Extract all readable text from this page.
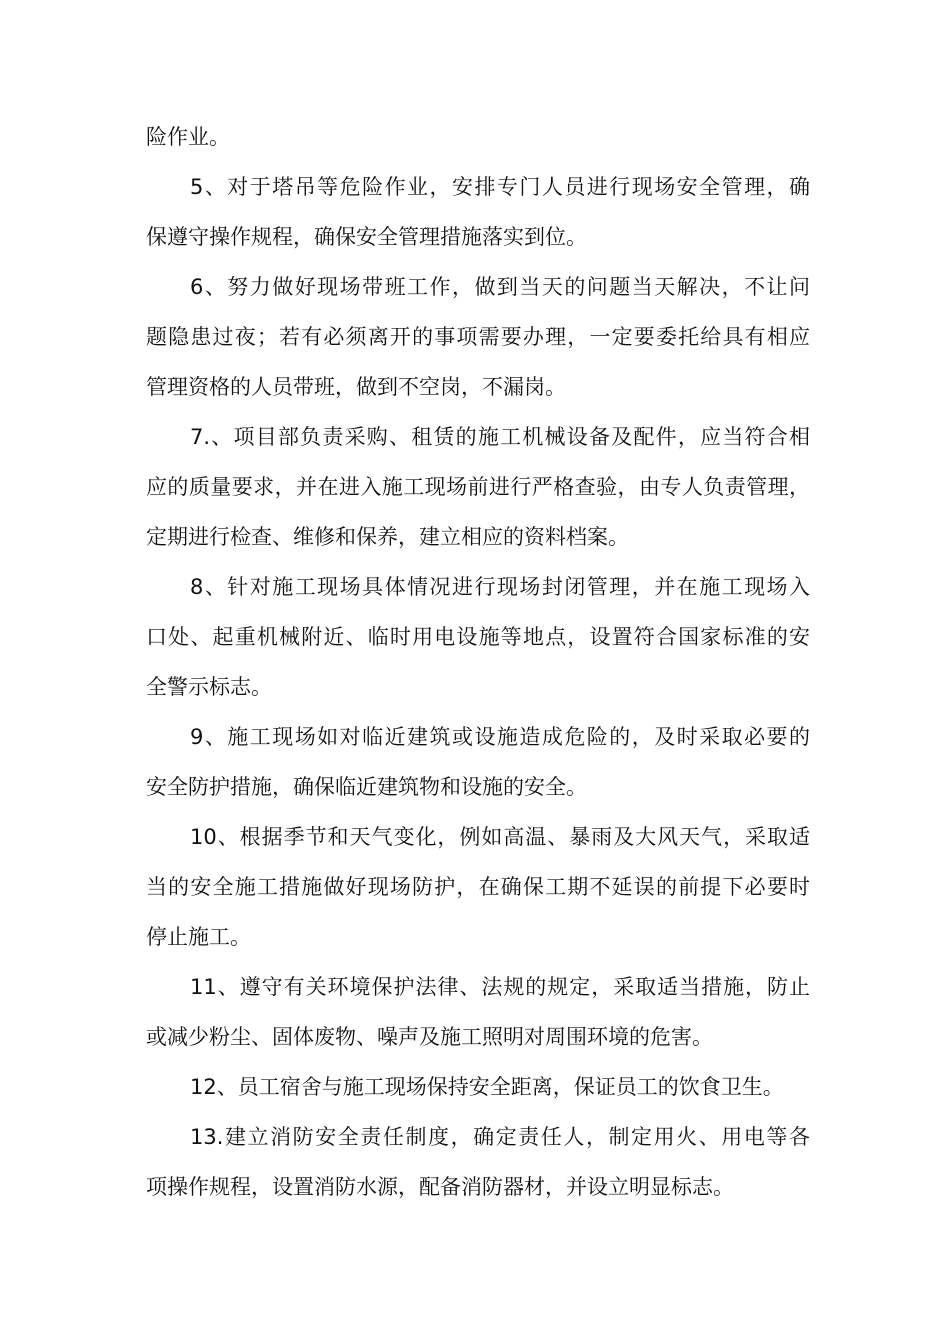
险作业。
5、对于塔吊等危险作业，安排专门人员进行现场安全管理，确
保遵守操作规程，确保安全管理措施落实到位。
6、努力做好现场带班工作，做到当天的问题当天解决，不让问
题隐患过夜；若有必须离开的事项需要办理，一定要委托给具有相应
管理资格的人员带班，做到不空岗，不漏岗。
7.、项目部负责采购、租赁的施工机械设备及配件，应当符合相
应的质量要求，并在进入施工现场前进行严格查验，由专人负责管理，
定期进行检查、维修和保养，建立相应的资料档案。
8、针对施工现场具体情况进行现场封闭管理，并在施工现场入
口处、起重机械附近、临时用电设施等地点，设置符合国家标准的安
全警示标志。
9、施工现场如对临近建筑或设施造成危险的，及时采取必要的
安全防护措施，确保临近建筑物和设施的安全。
10、根据季节和天气变化，例如高温、暴雨及大风天气，采取适
当的安全施工措施做好现场防护，在确保工期不延误的前提下必要时
停止施工。
11、遵守有关环境保护法律、法规的规定，采取适当措施，防止
或减少粉尘、固体废物、噪声及施工照明对周围环境的危害。
12、员工宿舍与施工现场保持安全距离，保证员工的饮食卫生。
13.建立消防安全责任制度，确定责任人，制定用火、用电等各
项操作规程，设置消防水源，配备消防器材，并设立明显标志。
